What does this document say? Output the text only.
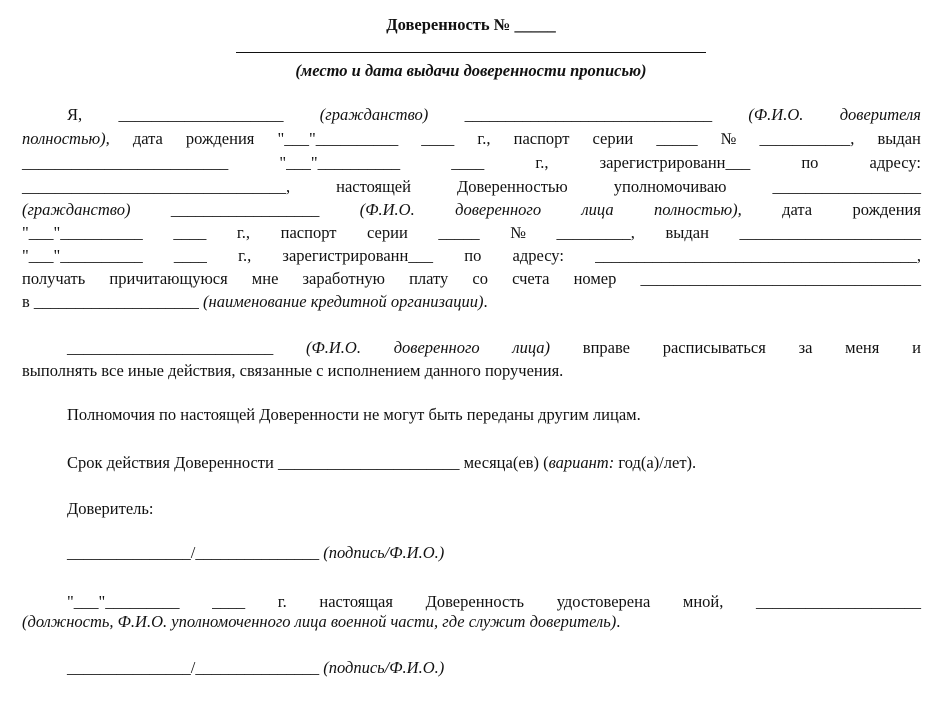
Доверенность № _____
(место и дата выдачи доверенности прописью)
Я, ____________________ (гражданство) ______________________________ (Ф.И.О. доверителя
полностью), дата рождения "___"__________ ____ г., паспорт серии _____ № ___________, выдан
_________________________	"___"__________	____	г.,	зарегистрированн___	по	адресу:
________________________________,	настоящей	Доверенностью	уполномочиваю	__________________
(гражданство) __________________ (Ф.И.О. доверенного лица полностью), дата рождения
"___"__________ ____ г., паспорт серии _____ № _________, выдан ______________________
"___"__________ ____ г., зарегистрированн___ по адресу: _______________________________________,
получать причитающуюся мне заработную плату со счета номер __________________________________
в ____________________ (наименование кредитной организации).
_________________________ (Ф.И.О. доверенного лица) вправе расписываться за меня и
выполнять все иные действия, связанные с исполнением данного поручения.
Полномочия по настоящей Доверенности не могут быть переданы другим лицам.
Срок действия Доверенности ______________________ месяца(ев) (вариант: год(а)/лет).
Доверитель:
_______________/_______________ (подпись/Ф.И.О.)
"___"_________ ____ г. настоящая Доверенность удостоверена мной, ____________________
(должность, Ф.И.О. уполномоченного лица военной части, где служит доверитель).
_______________/_______________ (подпись/Ф.И.О.)
